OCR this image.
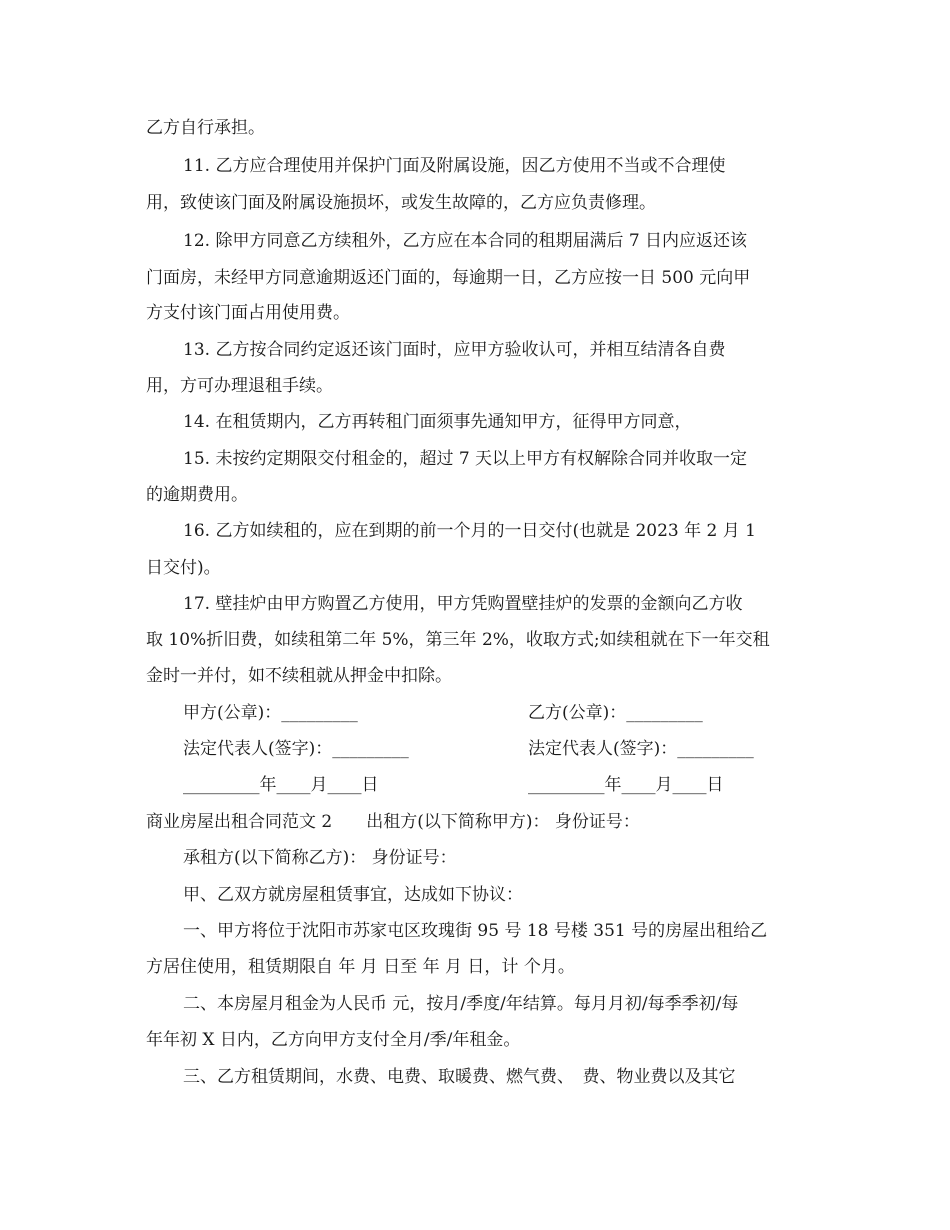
乙方自行承担。
11. 乙方应合理使用并保护门面及附属设施，因乙方使用不当或不合理使
用，致使该门面及附属设施损坏，或发生故障的，乙方应负责修理。
12. 除甲方同意乙方续租外，乙方应在本合同的租期届满后 7 日内应返还该
门面房，未经甲方同意逾期返还门面的，每逾期一日，乙方应按一日 500 元向甲
方支付该门面占用使用费。
13. 乙方按合同约定返还该门面时，应甲方验收认可，并相互结清各自费
用，方可办理退租手续。
14. 在租赁期内，乙方再转租门面须事先通知甲方，征得甲方同意，
15. 未按约定期限交付租金的，超过 7 天以上甲方有权解除合同并收取一定
的逾期费用。
16. 乙方如续租的，应在到期的前一个月的一日交付(也就是 2023 年 2 月 1
日交付)。
17. 壁挂炉由甲方购置乙方使用，甲方凭购置壁挂炉的发票的金额向乙方收
取 10%折旧费，如续租第二年 5%，第三年 2%，收取方式;如续租就在下一年交租
金时一并付，如不续租就从押金中扣除。
甲方(公章)：_________	乙方(公章)：_________
法定代表人(签字)：_________	法定代表人(签字)：_________
_________年____月____日	_________年____月____日
商业房屋出租合同范文 2　　出租方(以下简称甲方)： 身份证号：
承租方(以下简称乙方)： 身份证号：
甲、乙双方就房屋租赁事宜，达成如下协议：
一、甲方将位于沈阳市苏家屯区玫瑰街 95 号 18 号楼 351 号的房屋出租给乙
方居住使用，租赁期限自 年 月 日至 年 月 日，计 个月。
二、本房屋月租金为人民币 元，按月/季度/年结算。每月月初/每季季初/每
年年初 X 日内，乙方向甲方支付全月/季/年租金。
三、乙方租赁期间，水费、电费、取暖费、燃气费、　费、物业费以及其它
